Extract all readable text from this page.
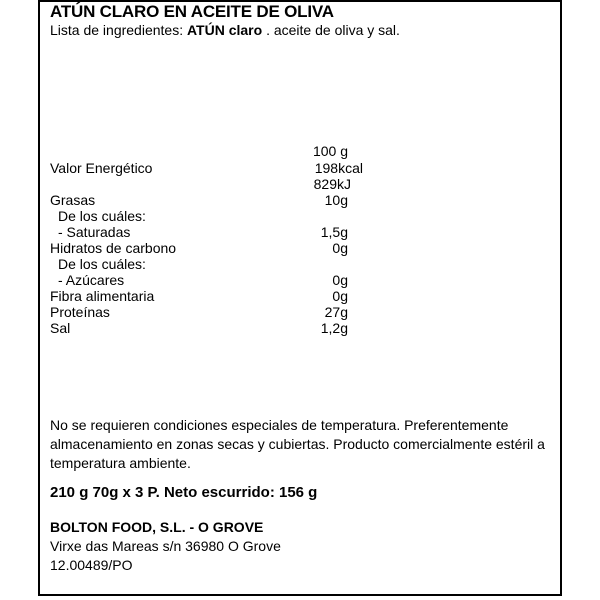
ATÚN CLARO EN ACEITE DE OLIVA
Lista de ingredientes: ATÚN claro . aceite de oliva y sal.
100 g
Valor Energético	198kcal
829kJ
Grasas	10g
De los cuáles:
- Saturadas	1,5g
Hidratos de carbono	0g
De los cuáles:
- Azúcares	0g
Fibra alimentaria	0g
Proteínas	27g
Sal	1,2g
No se requieren condiciones especiales de temperatura. Preferentemente almacenamiento en zonas secas y cubiertas. Producto comercialmente estéril a temperatura ambiente.
210 g 70g x 3 P. Neto escurrido: 156 g
BOLTON FOOD, S.L. - O GROVE
Virxe das Mareas s/n 36980 O Grove
12.00489/PO
